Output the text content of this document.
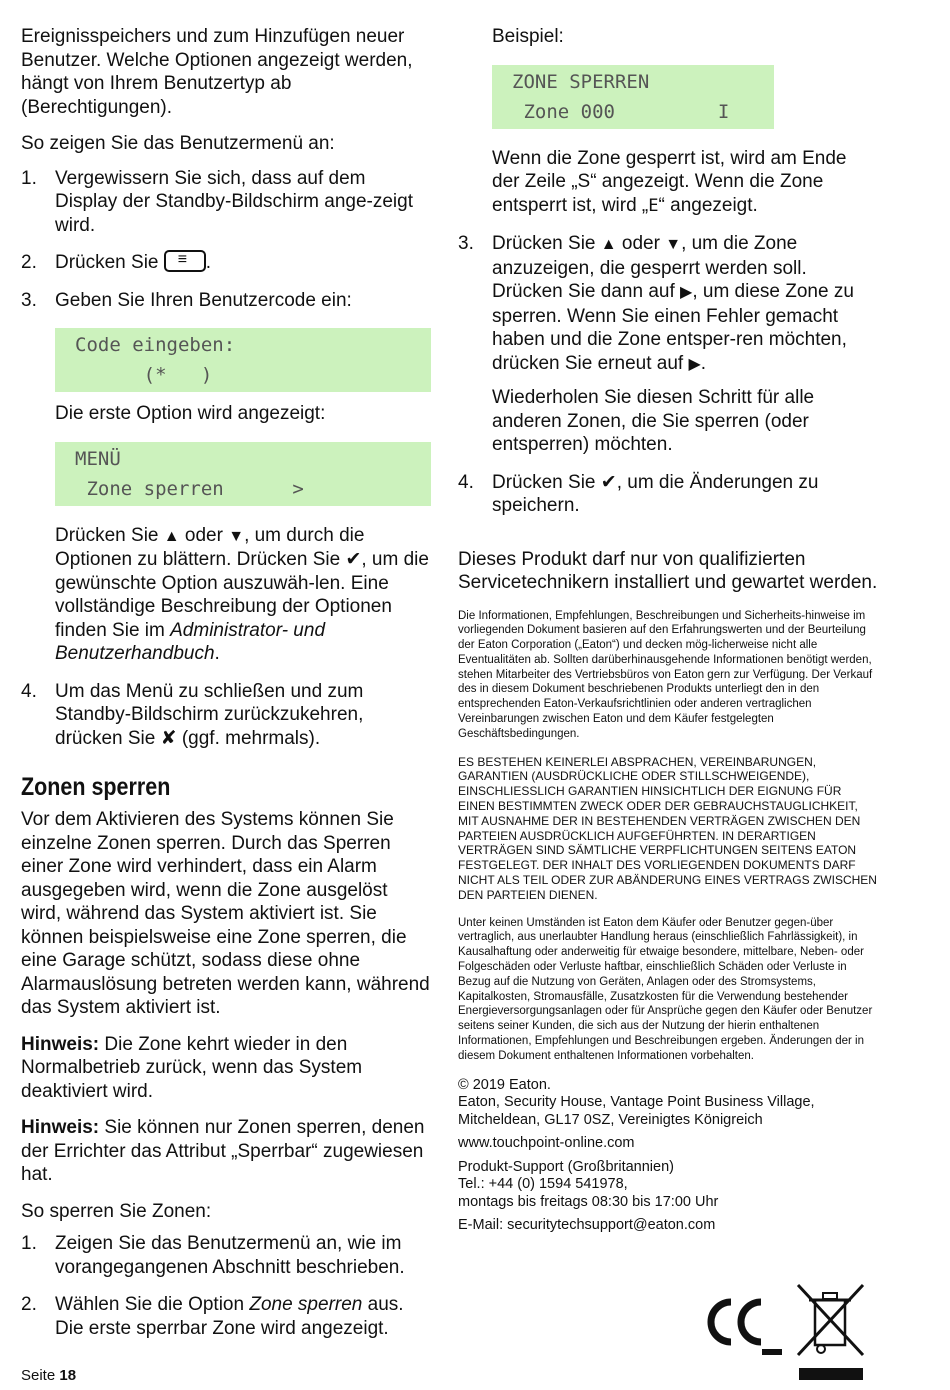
Ereignisspeichers und zum Hinzufügen neuer Benutzer. Welche Optionen angezeigt werden, hängt von Ihrem Benutzertyp ab (Berechtigungen).

So zeigen Sie das Benutzermenü an:

1. Vergewissern Sie sich, dass auf dem Display der Standby-Bildschirm ange-zeigt wird.
2. Drücken Sie ≡ .
3. Geben Sie Ihren Benutzercode ein:
Code eingeben:
(*   )

Die erste Option wird angezeigt:

MENÜ
Zone sperren      >

Drücken Sie ▲ oder ▼, um durch die Optionen zu blättern. Drücken Sie ✔, um die gewünschte Option auszuwäh-len. Eine vollständige Beschreibung der Optionen finden Sie im Administrator- und Benutzerhandbuch.

4. Um das Menü zu schließen und zum Standby-Bildschirm zurückzukehren, drücken Sie ✘ (ggf. mehrmals).
Zonen sperren

Vor dem Aktivieren des Systems können Sie einzelne Zonen sperren. Durch das Sperren einer Zone wird verhindert, dass ein Alarm ausgegeben wird, wenn die Zone ausgelöst wird, während das System aktiviert ist. Sie können beispielsweise eine Zone sperren, die eine Garage schützt, sodass diese ohne Alarmauslösung betreten werden kann, während das System aktiviert ist.

Hinweis: Die Zone kehrt wieder in den Normalbetrieb zurück, wenn das System deaktiviert wird.

Hinweis: Sie können nur Zonen sperren, denen der Errichter das Attribut „Sperrbar“ zugewiesen hat.

So sperren Sie Zonen:

1. Zeigen Sie das Benutzermenü an, wie im vorangegangenen Abschnitt beschrieben.
2. Wählen Sie die Option Zone sperren aus. Die erste sperrbar Zone wird angezeigt.

Beispiel:

ZONE SPERREN
Zone 000         I

Wenn die Zone gesperrt ist, wird am Ende der Zeile „S“ angezeigt. Wenn die Zone entsperrt ist, wird „E“ angezeigt.

3. Drücken Sie ▲ oder ▼, um die Zone anzuzeigen, die gesperrt werden soll. Drücken Sie dann auf ▶, um diese Zone zu sperren. Wenn Sie einen Fehler gemacht haben und die Zone entsper-ren möchten, drücken Sie erneut auf ▶.

Wiederholen Sie diesen Schritt für alle anderen Zonen, die Sie sperren (oder entsperren) möchten.

4. Drücken Sie ✔, um die Änderungen zu speichern.

Dieses Produkt darf nur von qualifizierten Servicetechnikern installiert und gewartet werden.

Die Informationen, Empfehlungen, Beschreibungen und Sicherheits-hinweise im vorliegenden Dokument basieren auf den Erfahrungswerten und der Beurteilung der Eaton Corporation („Eaton“) und decken mög-licherweise nicht alle Eventualitäten ab. Sollten darüberhinausgehende Informationen benötigt werden, stehen Mitarbeiter des Vertriebsbüros von Eaton gern zur Verfügung. Der Verkauf des in diesem Dokument beschriebenen Produkts unterliegt den in den entsprechenden Eaton-Verkaufsrichtlinien oder anderen vertraglichen Vereinbarungen zwischen Eaton und dem Käufer festgelegten Geschäftsbedingungen.

ES BESTEHEN KEINERLEI ABSPRACHEN, VEREINBARUNGEN, GARANTIEN (AUSDRÜCKLICHE ODER STILLSCHWEIGENDE), EINSCHLIESSLICH GARANTIEN HINSICHTLICH DER EIGNUNG FÜR EINEN BESTIMMTEN ZWECK ODER DER GEBRAUCHSTAUGLICHKEIT, MIT AUSNAHME DER IN BESTEHENDEN VERTRÄGEN ZWISCHEN DEN PARTEIEN AUSDRÜCKLICH AUFGEFÜHRTEN. IN DERARTIGEN VERTRÄGEN SIND SÄMTLICHE VERPFLICHTUNGEN SEITENS EATON FESTGELEGT. DER INHALT DES VORLIEGENDEN DOKUMENTS DARF NICHT ALS TEIL ODER ZUR ABÄNDERUNG EINES VERTRAGS ZWISCHEN DEN PARTEIEN DIENEN.

Unter keinen Umständen ist Eaton dem Käufer oder Benutzer gegen-über vertraglich, aus unerlaubter Handlung heraus (einschließlich Fahrlässigkeit), in Kausalhaftung oder anderweitig für etwaige besondere, mittelbare, Neben- oder Folgeschäden oder Verluste haftbar, einschließlich Schäden oder Verluste in Bezug auf die Nutzung von Geräten, Anlagen oder des Stromsystems, Kapitalkosten, Stromausfälle, Zusatzkosten für die Verwendung bestehender Energieversorgungsanlagen oder für Ansprüche gegen den Käufer oder Benutzer seitens seiner Kunden, die sich aus der Nutzung der hierin enthaltenen Informationen, Empfehlungen und Beschreibungen ergeben. Änderungen der in diesem Dokument enthaltenen Informationen vorbehalten.

© 2019 Eaton.

Eaton, Security House, Vantage Point Business Village, Mitcheldean, GL17 0SZ, Vereinigtes Königreich

www.touchpoint-online.com

Produkt-Support (Großbritannien)

Tel.: +44 (0) 1594 541978,

montags bis freitags 08:30 bis 17:00 Uhr

E-Mail: securitytechsupport@eaton.com

Seite 18
